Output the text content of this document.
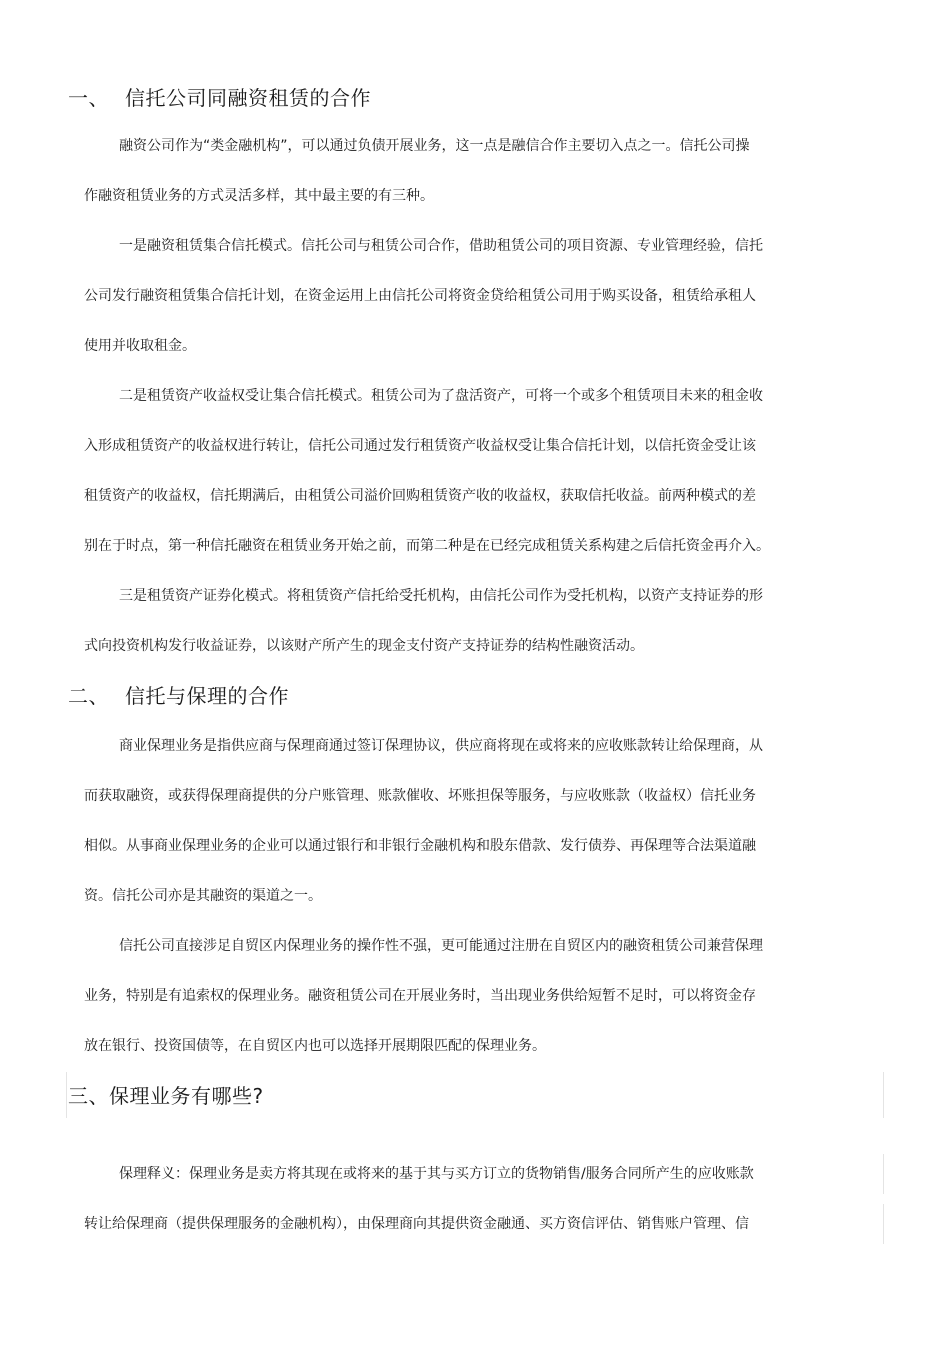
一、 信托公司同融资租赁的合作
融资公司作为“类金融机构”，可以通过负债开展业务，这一点是融信合作主要切入点之一。信托公司操
作融资租赁业务的方式灵活多样，其中最主要的有三种。
一是融资租赁集合信托模式。信托公司与租赁公司合作，借助租赁公司的项目资源、专业管理经验，信托
公司发行融资租赁集合信托计划，在资金运用上由信托公司将资金贷给租赁公司用于购买设备，租赁给承租人
使用并收取租金。
二是租赁资产收益权受让集合信托模式。租赁公司为了盘活资产，可将一个或多个租赁项目未来的租金收
入形成租赁资产的收益权进行转让，信托公司通过发行租赁资产收益权受让集合信托计划，以信托资金受让该
租赁资产的收益权，信托期满后，由租赁公司溢价回购租赁资产收的收益权，获取信托收益。前两种模式的差
别在于时点，第一种信托融资在租赁业务开始之前，而第二种是在已经完成租赁关系构建之后信托资金再介入。
三是租赁资产证券化模式。将租赁资产信托给受托机构，由信托公司作为受托机构，以资产支持证券的形
式向投资机构发行收益证券，以该财产所产生的现金支付资产支持证券的结构性融资活动。
二、 信托与保理的合作
商业保理业务是指供应商与保理商通过签订保理协议，供应商将现在或将来的应收账款转让给保理商，从
而获取融资，或获得保理商提供的分户账管理、账款催收、坏账担保等服务，与应收账款（收益权）信托业务
相似。从事商业保理业务的企业可以通过银行和非银行金融机构和股东借款、发行债券、再保理等合法渠道融
资。信托公司亦是其融资的渠道之一。
信托公司直接涉足自贸区内保理业务的操作性不强，更可能通过注册在自贸区内的融资租赁公司兼营保理
业务，特别是有追索权的保理业务。融资租赁公司在开展业务时，当出现业务供给短暂不足时，可以将资金存
放在银行、投资国债等，在自贸区内也可以选择开展期限匹配的保理业务。
三、保理业务有哪些?
保理释义：保理业务是卖方将其现在或将来的基于其与买方订立的货物销售/服务合同所产生的应收账款
转让给保理商（提供保理服务的金融机构），由保理商向其提供资金融通、买方资信评估、销售账户管理、信
